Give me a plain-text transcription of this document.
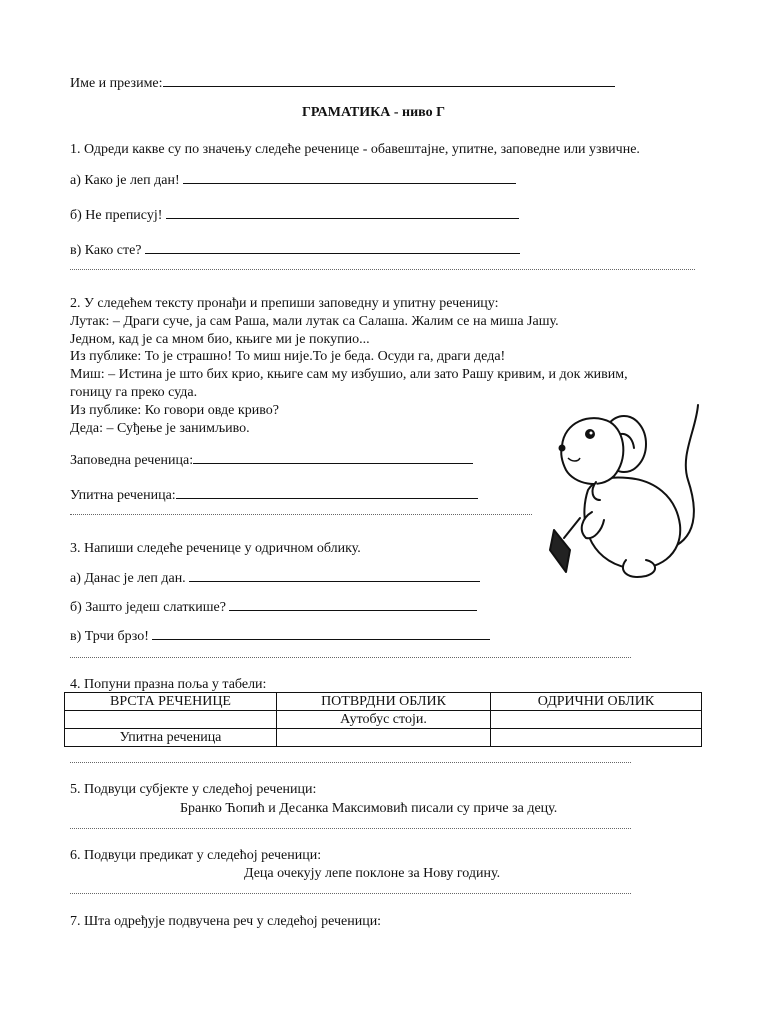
Име и презиме:
ГРАМАТИКА - ниво Г
1. Одреди какве су по значењу следеће реченице - обавештајне, упитне, заповедне или узвичне.
а) Како је леп дан!
б) Не преписуј!
в) Како сте?
2. У следећем тексту пронађи и препиши заповедну и упитну реченицу:
Лутак: – Драги суче, ја сам Раша, мали лутак са Салаша. Жалим се на миша Јашу.
Једном, кад је са мном био, књиге ми је покупио...
Из публике: То је страшно! То миш није.То је беда. Осуди га, драги деда!
Миш: – Истина је што бих крио, књиге сам му избушио, али зато Рашу кривим, и док живим,
гоницу га преко суда.
Из публике: Ко говори овде криво?
Деда: – Суђење је занимљиво.
Заповедна реченица:
Упитна реченица:
3. Напиши следеће реченице у одричном облику.
а) Данас је леп дан.
б) Зашто једеш слаткише?
в) Трчи брзо!
4. Попуни празна поља у табели:
ВРСТА РЕЧЕНИЦЕ	ПОТВРДНИ ОБЛИК	ОДРИЧНИ ОБЛИК
	Аутобус стоји.	
Упитна реченица		
5. Подвуци субјекте у следећој реченици:
Бранко Ћопић и Десанка Максимовић писали су приче за децу.
6. Подвуци предикат у следећој реченици:
Деца очекују лепе поклоне за Нову годину.
7. Шта одређује подвучена реч у следећој реченици:
